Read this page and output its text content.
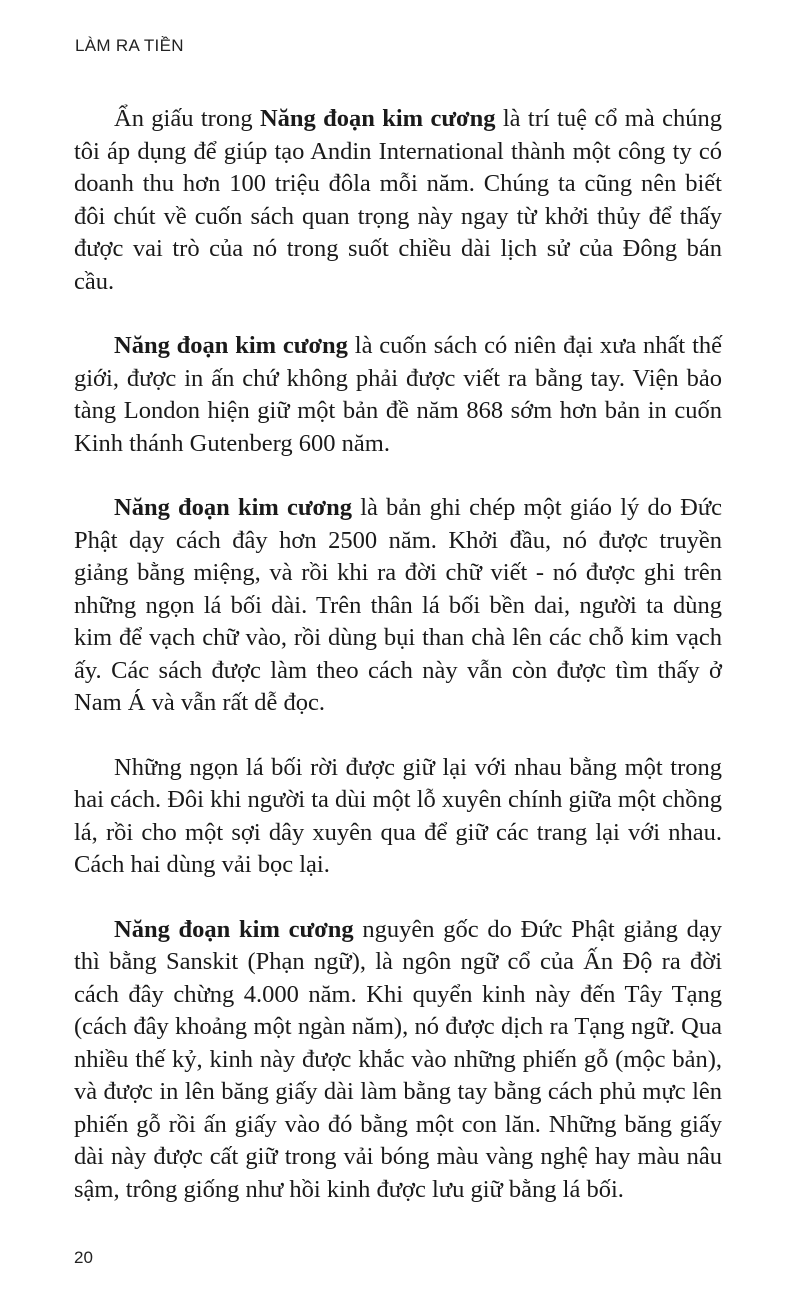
LÀM RA TIỀN

Ẩn giấu trong Năng đoạn kim cương là trí tuệ cổ mà chúng tôi áp dụng để giúp tạo Andin International thành một công ty có doanh thu hơn 100 triệu đôla mỗi năm. Chúng ta cũng nên biết đôi chút về cuốn sách quan trọng này ngay từ khởi thủy để thấy được vai trò của nó trong suốt chiều dài lịch sử của Đông bán cầu.

Năng đoạn kim cương là cuốn sách có niên đại xưa nhất thế giới, được in ấn chứ không phải được viết ra bằng tay. Viện bảo tàng London hiện giữ một bản đề năm 868 sớm hơn bản in cuốn Kinh thánh Gutenberg 600 năm.

Năng đoạn kim cương là bản ghi chép một giáo lý do Đức Phật dạy cách đây hơn 2500 năm. Khởi đầu, nó được truyền giảng bằng miệng, và rồi khi ra đời chữ viết - nó được ghi trên những ngọn lá bối dài. Trên thân lá bối bền dai, người ta dùng kim để vạch chữ vào, rồi dùng bụi than chà lên các chỗ kim vạch ấy. Các sách được làm theo cách này vẫn còn được tìm thấy ở Nam Á và vẫn rất dễ đọc.

Những ngọn lá bối rời được giữ lại với nhau bằng một trong hai cách. Đôi khi người ta dùi một lỗ xuyên chính giữa một chồng lá, rồi cho một sợi dây xuyên qua để giữ các trang lại với nhau. Cách hai dùng vải bọc lại.

Năng đoạn kim cương nguyên gốc do Đức Phật giảng dạy thì bằng Sanskit (Phạn ngữ), là ngôn ngữ cổ của Ấn Độ ra đời cách đây chừng 4.000 năm. Khi quyển kinh này đến Tây Tạng (cách đây khoảng một ngàn năm), nó được dịch ra Tạng ngữ. Qua nhiều thế kỷ, kinh này được khắc vào những phiến gỗ (mộc bản), và được in lên băng giấy dài làm bằng tay bằng cách phủ mực lên phiến gỗ rồi ấn giấy vào đó bằng một con lăn. Những băng giấy dài này được cất giữ trong vải bóng màu vàng nghệ hay màu nâu sậm, trông giống như hồi kinh được lưu giữ bằng lá bối.

20
